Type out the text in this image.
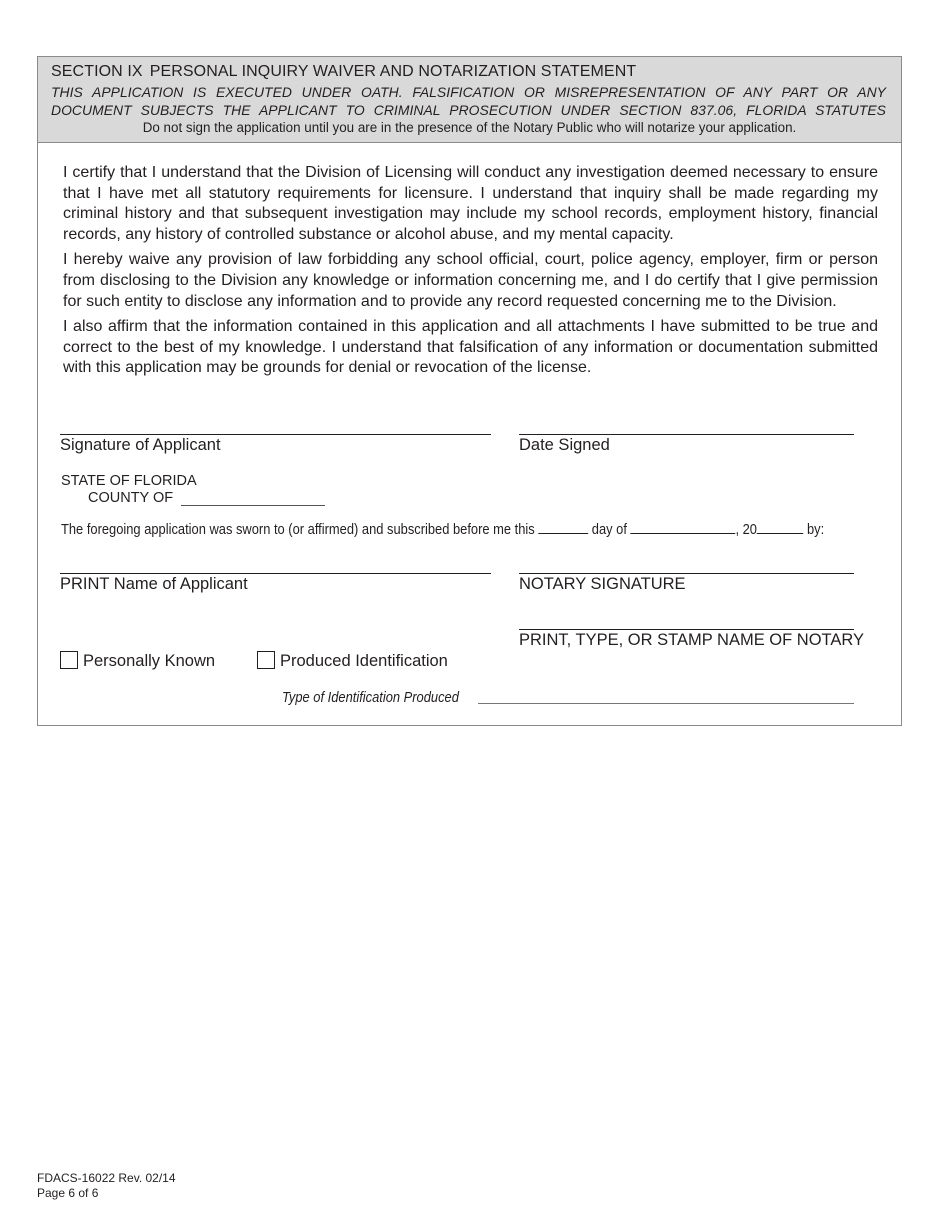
SECTION IX PERSONAL INQUIRY WAIVER AND NOTARIZATION STATEMENT
THIS APPLICATION IS EXECUTED UNDER OATH. FALSIFICATION OR MISREPRESENTATION OF ANY PART OR ANY
DOCUMENT SUBJECTS THE APPLICANT TO CRIMINAL PROSECUTION UNDER SECTION 837.06, FLORIDA STATUTES
Do not sign the application until you are in the presence of the Notary Public who will notarize your application.

I certify that I understand that the Division of Licensing will conduct any investigation deemed necessary to ensure that I have met all statutory requirements for licensure. I understand that inquiry shall be made regarding my criminal history and that subsequent investigation may include my school records, employment history, financial records, any history of controlled substance or alcohol abuse, and my mental capacity.

I hereby waive any provision of law forbidding any school official, court, police agency, employer, firm or person from disclosing to the Division any knowledge or information concerning me, and I do certify that I give permission for such entity to disclose any information and to provide any record requested concerning me to the Division.

I also affirm that the information contained in this application and all attachments I have submitted to be true and correct to the best of my knowledge. I understand that falsification of any information or documentation submitted with this application may be grounds for denial or revocation of the license.

Signature of Applicant	Date Signed
STATE OF FLORIDA
COUNTY OF
The foregoing application was sworn to (or affirmed) and subscribed before me this	day of	, 20	by:
PRINT Name of Applicant	NOTARY SIGNATURE
PRINT, TYPE, OR STAMP NAME OF NOTARY
Personally Known	Produced Identification
Type of Identification Produced
FDACS-16022 Rev. 02/14
Page 6 of 6
